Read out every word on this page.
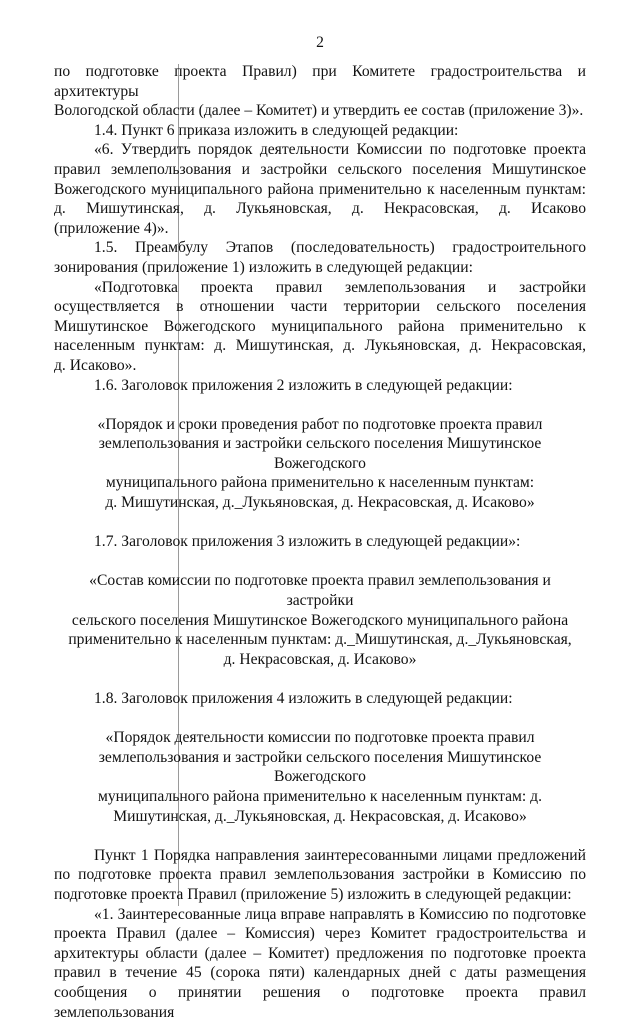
2

по подготовке проекта Правил) при Комитете градостроительства и архитектуры

Вологодской области (далее – Комитет) и утвердить ее состав (приложение 3)».

1.4. Пункт 6 приказа изложить в следующей редакции:

«6. Утвердить порядок деятельности Комиссии по подготовке проекта

правил землепользования и застройки сельского поселения Мишутинское

Вожегодского муниципального района применительно к населенным пунктам:

д. Мишутинская, д. Лукьяновская, д. Некрасовская, д. Исаково

(приложение 4)».

1.5. Преамбулу Этапов (последовательность) градостроительного

зонирования (приложение 1) изложить в следующей редакции:

«Подготовка проекта правил землепользования и застройки

осуществляется в отношении части территории сельского поселения

Мишутинское Вожегодского муниципального района применительно к

населенным пунктам: д. Мишутинская, д. Лукьяновская, д. Некрасовская,

д. Исаково».

1.6. Заголовок приложения 2 изложить в следующей редакции:

«Порядок и сроки проведения работ по подготовке проекта правил

землепользования и застройки сельского поселения Мишутинское Вожегодского

муниципального района применительно к населенным пунктам:

д. Мишутинская, д._Лукьяновская, д. Некрасовская, д. Исаково»

1.7. Заголовок приложения 3 изложить в следующей редакции»:

«Состав комиссии по подготовке проекта правил землепользования и застройки

сельского поселения Мишутинское Вожегодского муниципального района

применительно к населенным пунктам: д._Мишутинская, д._Лукьяновская,

д. Некрасовская, д. Исаково»

1.8. Заголовок приложения 4 изложить в следующей редакции:

«Порядок деятельности комиссии по подготовке проекта правил

землепользования и застройки сельского поселения Мишутинское Вожегодского

муниципального района применительно к населенным пунктам: д.

Мишутинская, д._Лукьяновская, д. Некрасовская, д. Исаково»

Пункт 1 Порядка направления заинтересованными лицами предложений

по подготовке проекта правил землепользования застройки в Комиссию по

подготовке проекта Правил (приложение 5) изложить в следующей редакции:

«1. Заинтересованные лица вправе направлять в Комиссию по подготовке

проекта Правил (далее – Комиссия) через Комитет градостроительства и

архитектуры области (далее – Комитет) предложения по подготовке проекта

правил в течение 45 (сорока пяти) календарных дней с даты размещения

сообщения о принятии решения о подготовке проекта правил землепользования
